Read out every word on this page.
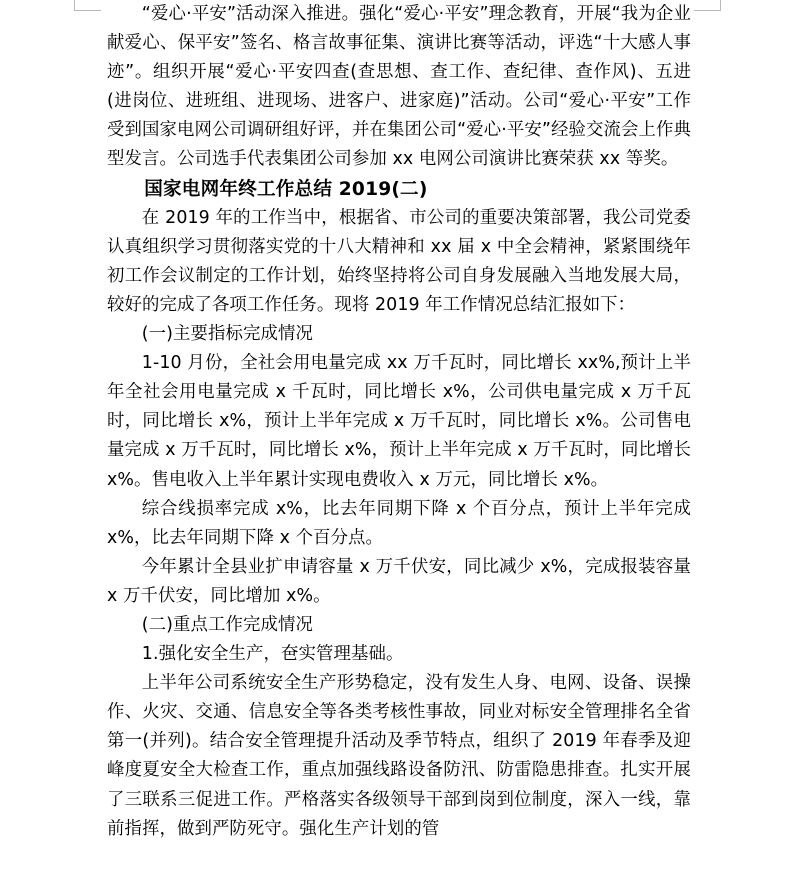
“爱心·平安”活动深入推进。强化“爱心·平安”理念教育，开展“我为企业献爱心、保平安”签名、格言故事征集、演讲比赛等活动，评选“十大感人事迹”。组织开展“爱心·平安四查(查思想、查工作、查纪律、查作风)、五进(进岗位、进班组、进现场、进客户、进家庭)”活动。公司“爱心·平安”工作受到国家电网公司调研组好评，并在集团公司“爱心·平安”经验交流会上作典型发言。公司选手代表集团公司参加 xx 电网公司演讲比赛荣获 xx 等奖。

国家电网年终工作总结 2019(二)

在 2019 年的工作当中，根据省、市公司的重要决策部署，我公司党委认真组织学习贯彻落实党的十八大精神和 xx 届 x 中全会精神，紧紧围绕年初工作会议制定的工作计划，始终坚持将公司自身发展融入当地发展大局，较好的完成了各项工作任务。现将 2019 年工作情况总结汇报如下：

(一)主要指标完成情况

1-10 月份，全社会用电量完成 xx 万千瓦时，同比增长 xx%,预计上半年全社会用电量完成 x 千瓦时，同比增长 x%，公司供电量完成 x 万千瓦时，同比增长 x%，预计上半年完成 x 万千瓦时，同比增长 x%。公司售电量完成 x 万千瓦时，同比增长 x%，预计上半年完成 x 万千瓦时，同比增长 x%。售电收入上半年累计实现电费收入 x 万元，同比增长 x%。

综合线损率完成 x%，比去年同期下降 x 个百分点，预计上半年完成 x%，比去年同期下降 x 个百分点。

今年累计全县业扩申请容量 x 万千伏安，同比减少 x%，完成报装容量 x 万千伏安，同比增加 x%。

(二)重点工作完成情况

1.强化安全生产，夿实管理基础。

上半年公司系统安全生产形势稳定，没有发生人身、电网、设备、误操作、火灾、交通、信息安全等各类考核性事故，同业对标安全管理排名全省第一(并列)。结合安全管理提升活动及季节特点，组织了 2019 年春季及迎峰度夏安全大检查工作，重点加强线路设备防汛、防雷隐患排查。扎实开展了三联系三促进工作。严格落实各级领导干部到岗到位制度，深入一线，靠前指挥，做到严防死守。强化生产计划的管
